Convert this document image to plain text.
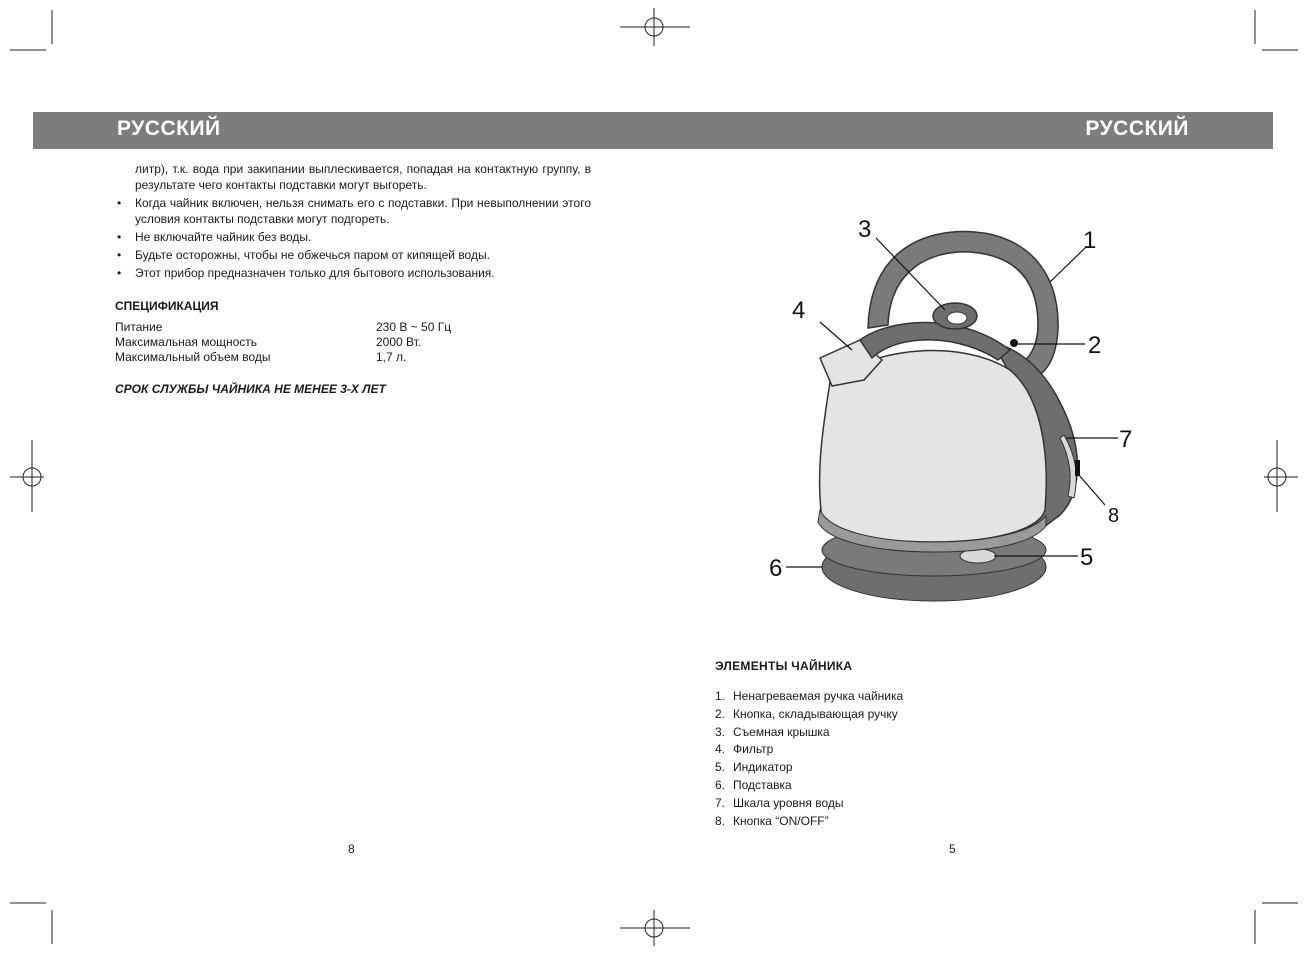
РУССКИЙ	РУССКИЙ
литр), т.к. вода при закипании выплескивается, попадая на контактную группу, в результате чего контакты подставки могут выгореть.
• Когда чайник включен, нельзя снимать его с подставки. При невыполнении этого условия контакты подставки могут подгореть.
• Не включайте чайник без воды.
• Будьте осторожны, чтобы не обжечься паром от кипящей воды.
• Этот прибор предназначен только для бытового использования.
СПЕЦИФИКАЦИЯ
Питание	230 В ~ 50 Гц
Максимальная мощность	2000 Вт.
Максимальный объем воды	1,7 л.
СРОК СЛУЖБЫ ЧАЙНИКА НЕ МЕНЕЕ 3-Х ЛЕТ
8
1
2
3
4
5
6
7
8
ЭЛЕМЕНТЫ ЧАЙНИКА
1. Ненагреваемая ручка чайника
2. Кнопка, складывающая ручку
3. Съемная крышка
4. Фильтр
5. Индикатор
6. Подставка
7. Шкала уровня воды
8. Кнопка “ON/OFF”
5
